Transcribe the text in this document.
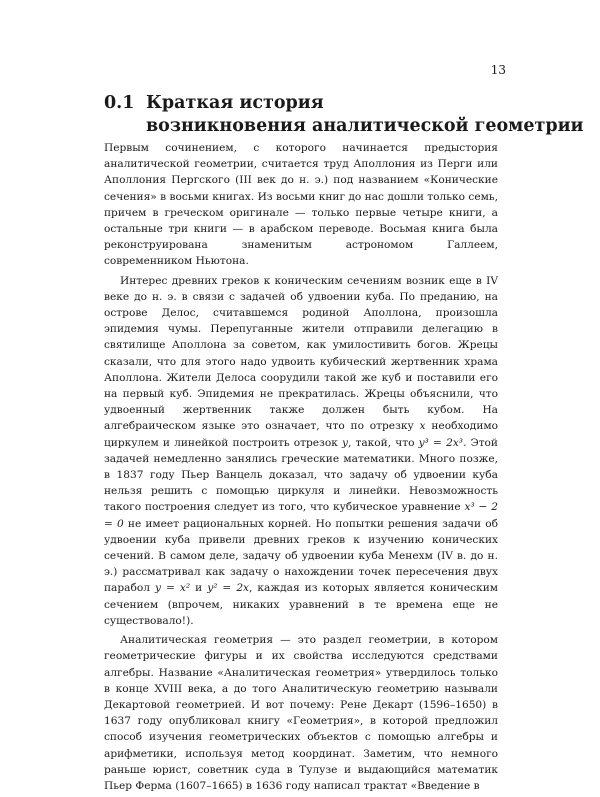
13
0.1 Краткая история
возникновения аналитической геометрии

Первым сочинением, с которого начинается предыстория аналитической геометрии, считается труд Аполлония из Перги или Аполлония Пергского (III век до н. э.) под названием «Конические сечения» в восьми книгах. Из восьми книг до нас дошли только семь, причем в греческом оригинале — только первые четыре книги, а остальные три книги — в арабском переводе. Восьмая книга была реконструирована знаменитым астрономом Галлеем, современником Ньютона.

Интерес древних греков к коническим сечениям возник еще в IV веке до н. э. в связи с задачей об удвоении куба. По преданию, на острове Делос, считавшемся родиной Аполлона, произошла эпидемия чумы. Перепуганные жители отправили делегацию в святилище Аполлона за советом, как умилостивить богов. Жрецы сказали, что для этого надо удвоить кубический жертвенник храма Аполлона. Жители Делоса соорудили такой же куб и поставили его на первый куб. Эпидемия не прекратилась. Жрецы объяснили, что удвоенный жертвенник также должен быть кубом. На алгебраическом языке это означает, что по отрезку x необходимо циркулем и линейкой построить отрезок y, такой, что y³ = 2x³. Этой задачей немедленно занялись греческие математики. Много позже, в 1837 году Пьер Ванцель доказал, что задачу об удвоении куба нельзя решить с помощью циркуля и линейки. Невозможность такого построения следует из того, что кубическое уравнение x³ − 2 = 0 не имеет рациональных корней. Но попытки решения задачи об удвоении куба привели древних греков к изучению конических сечений. В самом деле, задачу об удвоении куба Менехм (IV в. до н. э.) рассматривал как задачу о нахождении точек пересечения двух парабол y = x² и y² = 2x, каждая из которых является коническим сечением (впрочем, никаких уравнений в те времена еще не существовало!).

Аналитическая геометрия — это раздел геометрии, в котором геометрические фигуры и их свойства исследуются средствами алгебры. Название «Аналитическая геометрия» утвердилось только в конце XVIII века, а до того Аналитическую геометрию называли Декартовой геометрией. И вот почему: Рене Декарт (1596–1650) в 1637 году опубликовал книгу «Геометрия», в которой предложил способ изучения геометрических объектов с помощью алгебры и арифметики, используя метод координат. Заметим, что немного раньше юрист, советник суда в Тулузе и выдающийся математик Пьер Ферма (1607–1665) в 1636 году написал трактат «Введение в
